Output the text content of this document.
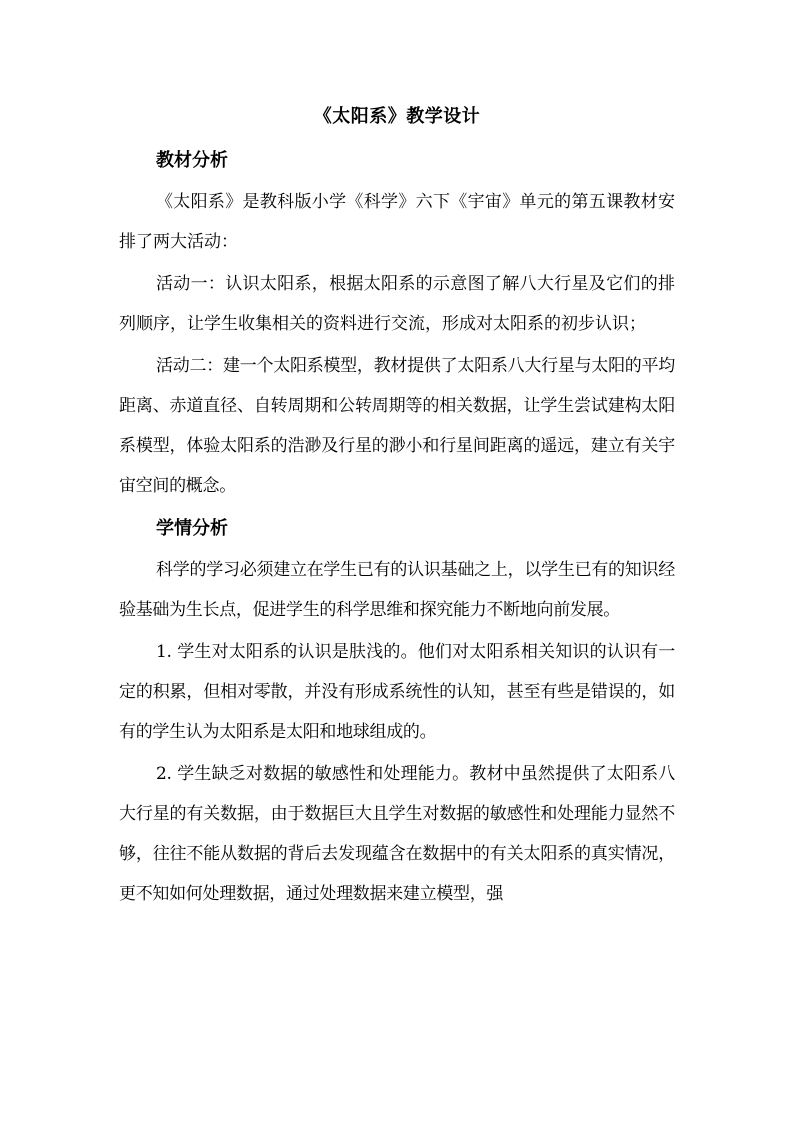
《太阳系》教学设计
教材分析

《太阳系》是教科版小学《科学》六下《宇宙》单元的第五课教材安排了两大活动：

活动一：认识太阳系，根据太阳系的示意图了解八大行星及它们的排列顺序，让学生收集相关的资料进行交流，形成对太阳系的初步认识；

活动二：建一个太阳系模型，教材提供了太阳系八大行星与太阳的平均距离、赤道直径、自转周期和公转周期等的相关数据，让学生尝试建构太阳系模型，体验太阳系的浩渺及行星的渺小和行星间距离的遥远，建立有关宇宙空间的概念。

学情分析

科学的学习必须建立在学生已有的认识基础之上，以学生已有的知识经验基础为生长点，促进学生的科学思维和探究能力不断地向前发展。

1. 学生对太阳系的认识是肤浅的。他们对太阳系相关知识的认识有一定的积累，但相对零散，并没有形成系统性的认知，甚至有些是错误的，如有的学生认为太阳系是太阳和地球组成的。

2. 学生缺乏对数据的敏感性和处理能力。教材中虽然提供了太阳系八大行星的有关数据，由于数据巨大且学生对数据的敏感性和处理能力显然不够，往往不能从数据的背后去发现蕴含在数据中的有关太阳系的真实情况，更不知如何处理数据，通过处理数据来建立模型，强
